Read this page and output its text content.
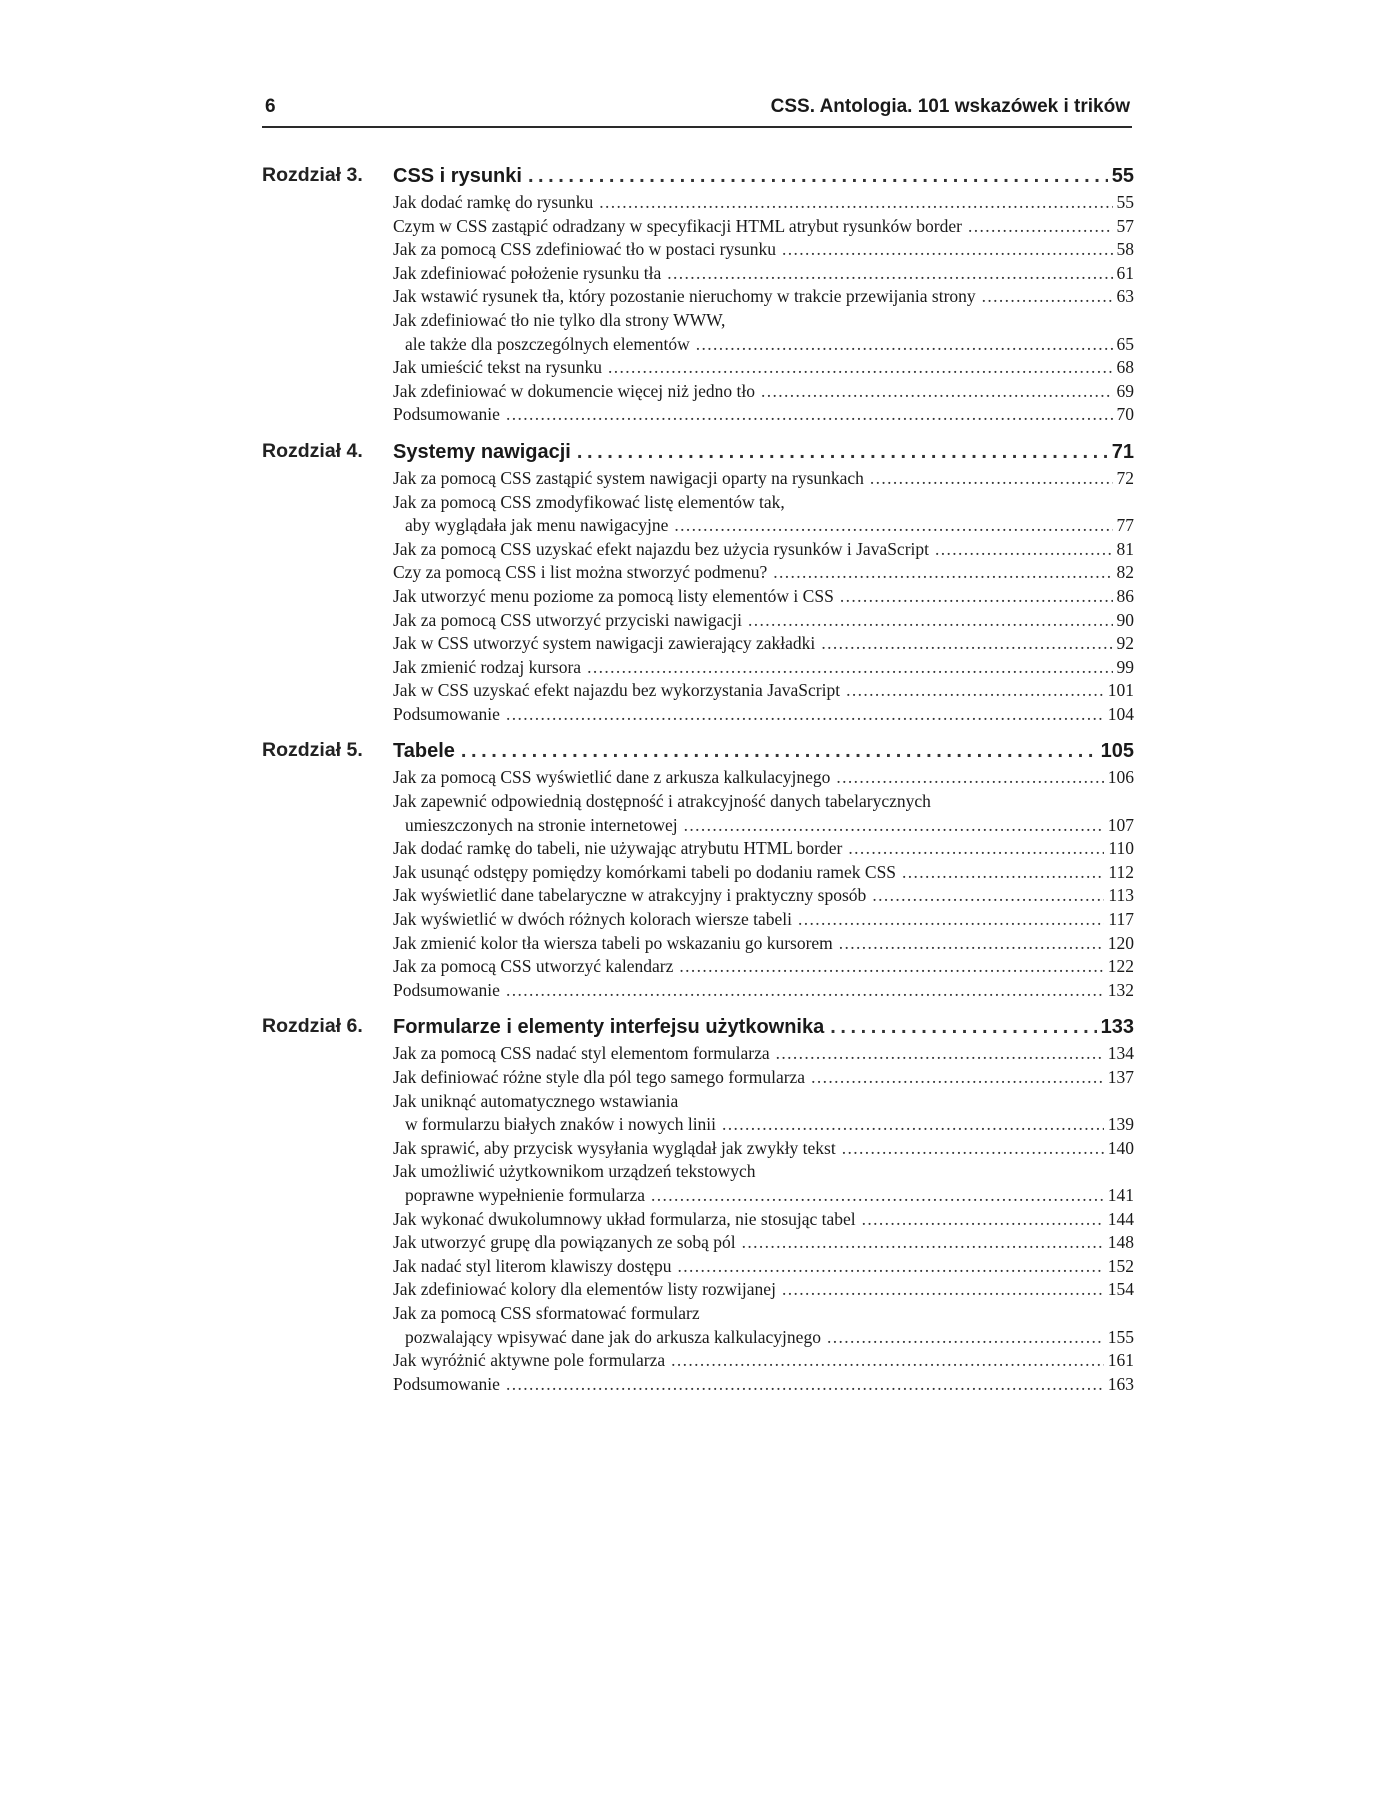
6	CSS. Antologia. 101 wskazówek i trików
Rozdział 3.	CSS i rysunki . . .	55
Jak dodać ramkę do rysunku . . .	55
Czym w CSS zastąpić odradzany w specyfikacji HTML atrybut rysunków border . . .	57
Jak za pomocą CSS zdefiniować tło w postaci rysunku . . .	58
Jak zdefiniować położenie rysunku tła . . .	61
Jak wstawić rysunek tła, który pozostanie nieruchomy w trakcie przewijania strony . . .	63
Jak zdefiniować tło nie tylko dla strony WWW,
ale także dla poszczególnych elementów . . .	65
Jak umieścić tekst na rysunku . . .	68
Jak zdefiniować w dokumencie więcej niż jedno tło . . .	69
Podsumowanie . . .	70
Rozdział 4.	Systemy nawigacji . . .	71
Jak za pomocą CSS zastąpić system nawigacji oparty na rysunkach . . .	72
Jak za pomocą CSS zmodyfikować listę elementów tak,
aby wyglądała jak menu nawigacyjne . . .	77
Jak za pomocą CSS uzyskać efekt najazdu bez użycia rysunków i JavaScript . . .	81
Czy za pomocą CSS i list można stworzyć podmenu? . . .	82
Jak utworzyć menu poziome za pomocą listy elementów i CSS . . .	86
Jak za pomocą CSS utworzyć przyciski nawigacji . . .	90
Jak w CSS utworzyć system nawigacji zawierający zakładki . . .	92
Jak zmienić rodzaj kursora . . .	99
Jak w CSS uzyskać efekt najazdu bez wykorzystania JavaScript . . .	101
Podsumowanie . . .	104
Rozdział 5.	Tabele . . .	105
Jak za pomocą CSS wyświetlić dane z arkusza kalkulacyjnego . . .	106
Jak zapewnić odpowiednią dostępność i atrakcyjność danych tabelarycznych
umieszczonych na stronie internetowej . . .	107
Jak dodać ramkę do tabeli, nie używając atrybutu HTML border . . .	110
Jak usunąć odstępy pomiędzy komórkami tabeli po dodaniu ramek CSS . . .	112
Jak wyświetlić dane tabelaryczne w atrakcyjny i praktyczny sposób . . .	113
Jak wyświetlić w dwóch różnych kolorach wiersze tabeli . . .	117
Jak zmienić kolor tła wiersza tabeli po wskazaniu go kursorem . . .	120
Jak za pomocą CSS utworzyć kalendarz . . .	122
Podsumowanie . . .	132
Rozdział 6.	Formularze i elementy interfejsu użytkownika . . .	133
Jak za pomocą CSS nadać styl elementom formularza . . .	134
Jak definiować różne style dla pól tego samego formularza . . .	137
Jak uniknąć automatycznego wstawiania
w formularzu białych znaków i nowych linii . . .	139
Jak sprawić, aby przycisk wysyłania wyglądał jak zwykły tekst . . .	140
Jak umożliwić użytkownikom urządzeń tekstowych
poprawne wypełnienie formularza . . .	141
Jak wykonać dwukolumnowy układ formularza, nie stosując tabel . . .	144
Jak utworzyć grupę dla powiązanych ze sobą pól . . .	148
Jak nadać styl literom klawiszy dostępu . . .	152
Jak zdefiniować kolory dla elementów listy rozwijanej . . .	154
Jak za pomocą CSS sformatować formularz
pozwalający wpisywać dane jak do arkusza kalkulacyjnego . . .	155
Jak wyróżnić aktywne pole formularza . . .	161
Podsumowanie . . .	163
